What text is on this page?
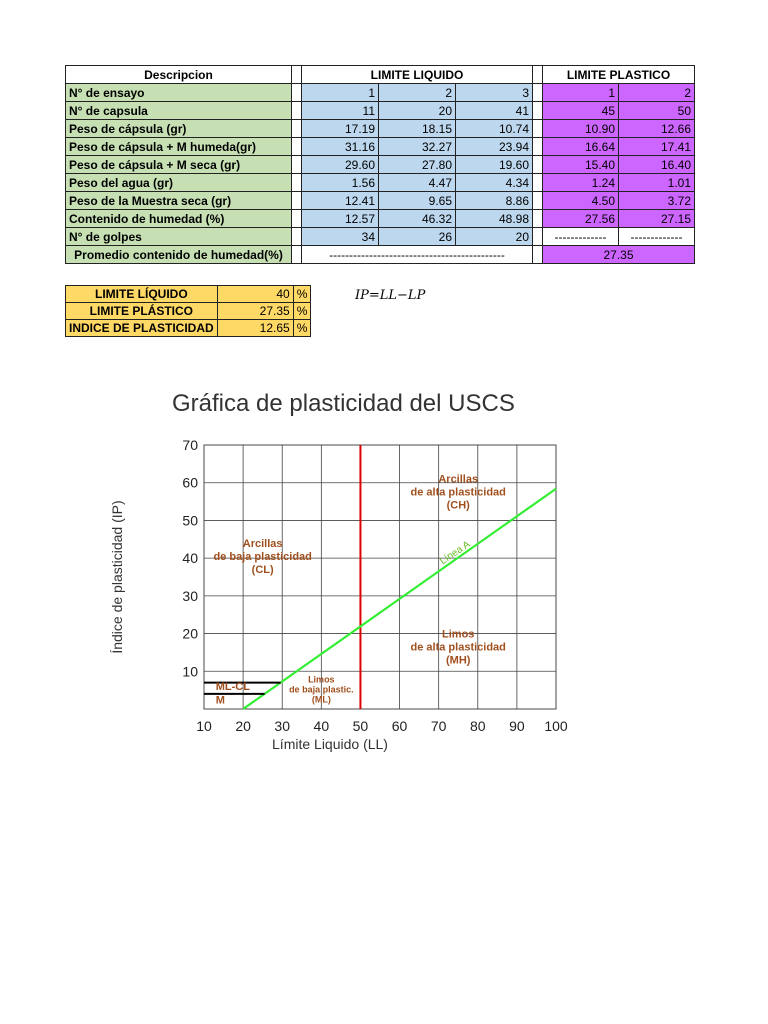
Descripcion		LIMITE LIQUIDO				LIMITE PLASTICO	
N° de ensayo		1	2	3		1	2
N° de capsula		11	20	41		45	50
Peso de cápsula (gr)		17.19	18.15	10.74		10.90	12.66
Peso de cápsula + M humeda(gr)		31.16	32.27	23.94		16.64	17.41
Peso de cápsula + M seca (gr)		29.60	27.80	19.60		15.40	16.40
Peso del agua (gr)		1.56	4.47	4.34		1.24	1.01
Peso de la Muestra seca (gr)		12.41	9.65	8.86		4.50	3.72
Contenido de humedad (%)		12.57	46.32	48.98		27.56	27.15
N° de golpes		34	26	20		-------------	-------------
Promedio contenido de humedad(%)		--------------------------------------------				27.35	
LIMITE LÍQUIDO	40	%
LIMITE PLÁSTICO	27.35	%
INDICE DE PLASTICIDAD	12.65	%
IP=LL−LP
Gráfica de plasticidad del USCS
10 20 30 40 50 60 70 80 90 100
10
20
30
40
50
60
70
Límite Liquido (LL)
Índice de plasticidad (IP)	Línea A
Arcillas
de alta plasticidad
(CH)
Arcillas
de baja plasticidad
(CL)
Limos
de alta plasticidad
(MH)
Limos
de baja plastic.
(ML)
ML-CL
M
